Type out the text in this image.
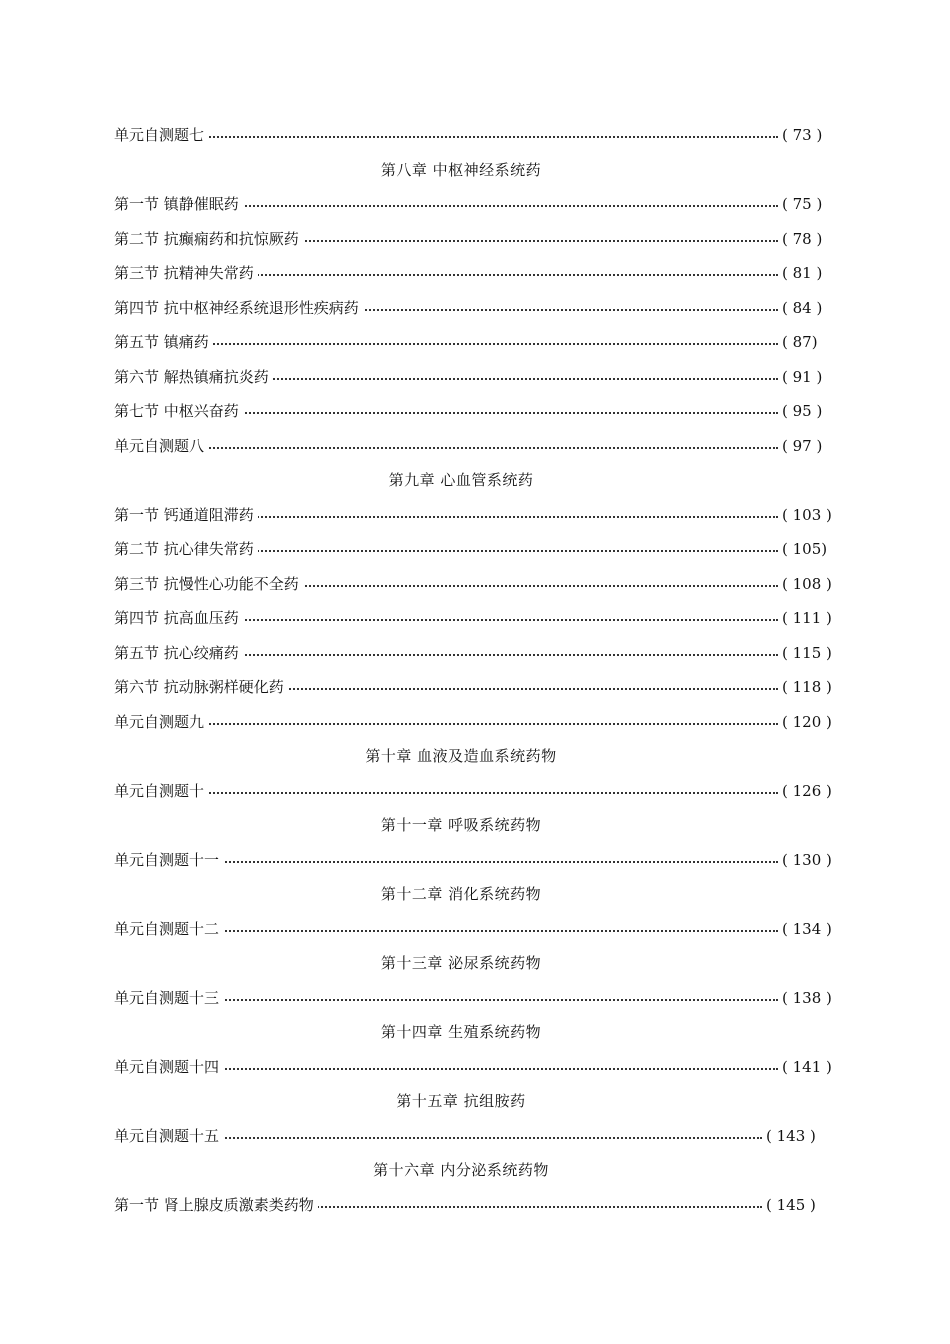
单元自测题七	( 73 )
第八章 中枢神经系统药
第一节 镇静催眠药	( 75 )
第二节 抗癫痫药和抗惊厥药	( 78 )
第三节 抗精神失常药	( 81 )
第四节 抗中枢神经系统退形性疾病药	( 84 )
第五节 镇痛药	( 87)
第六节 解热镇痛抗炎药	( 91 )
第七节 中枢兴奋药	( 95 )
单元自测题八	( 97 )
第九章 心血管系统药
第一节 钙通道阻滞药	( 103 )
第二节 抗心律失常药	( 105)
第三节 抗慢性心功能不全药	( 108 )
第四节 抗高血压药	( 111 )
第五节 抗心绞痛药	( 115 )
第六节 抗动脉粥样硬化药	( 118 )
单元自测题九	( 120 )
第十章 血液及造血系统药物
单元自测题十	( 126 )
第十一章 呼吸系统药物
单元自测题十一	( 130 )
第十二章 消化系统药物
单元自测题十二	( 134 )
第十三章 泌尿系统药物
单元自测题十三	( 138 )
第十四章 生殖系统药物
单元自测题十四	( 141 )
第十五章 抗组胺药
单元自测题十五	( 143 )
第十六章 内分泌系统药物
第一节 肾上腺皮质激素类药物	( 145 )
